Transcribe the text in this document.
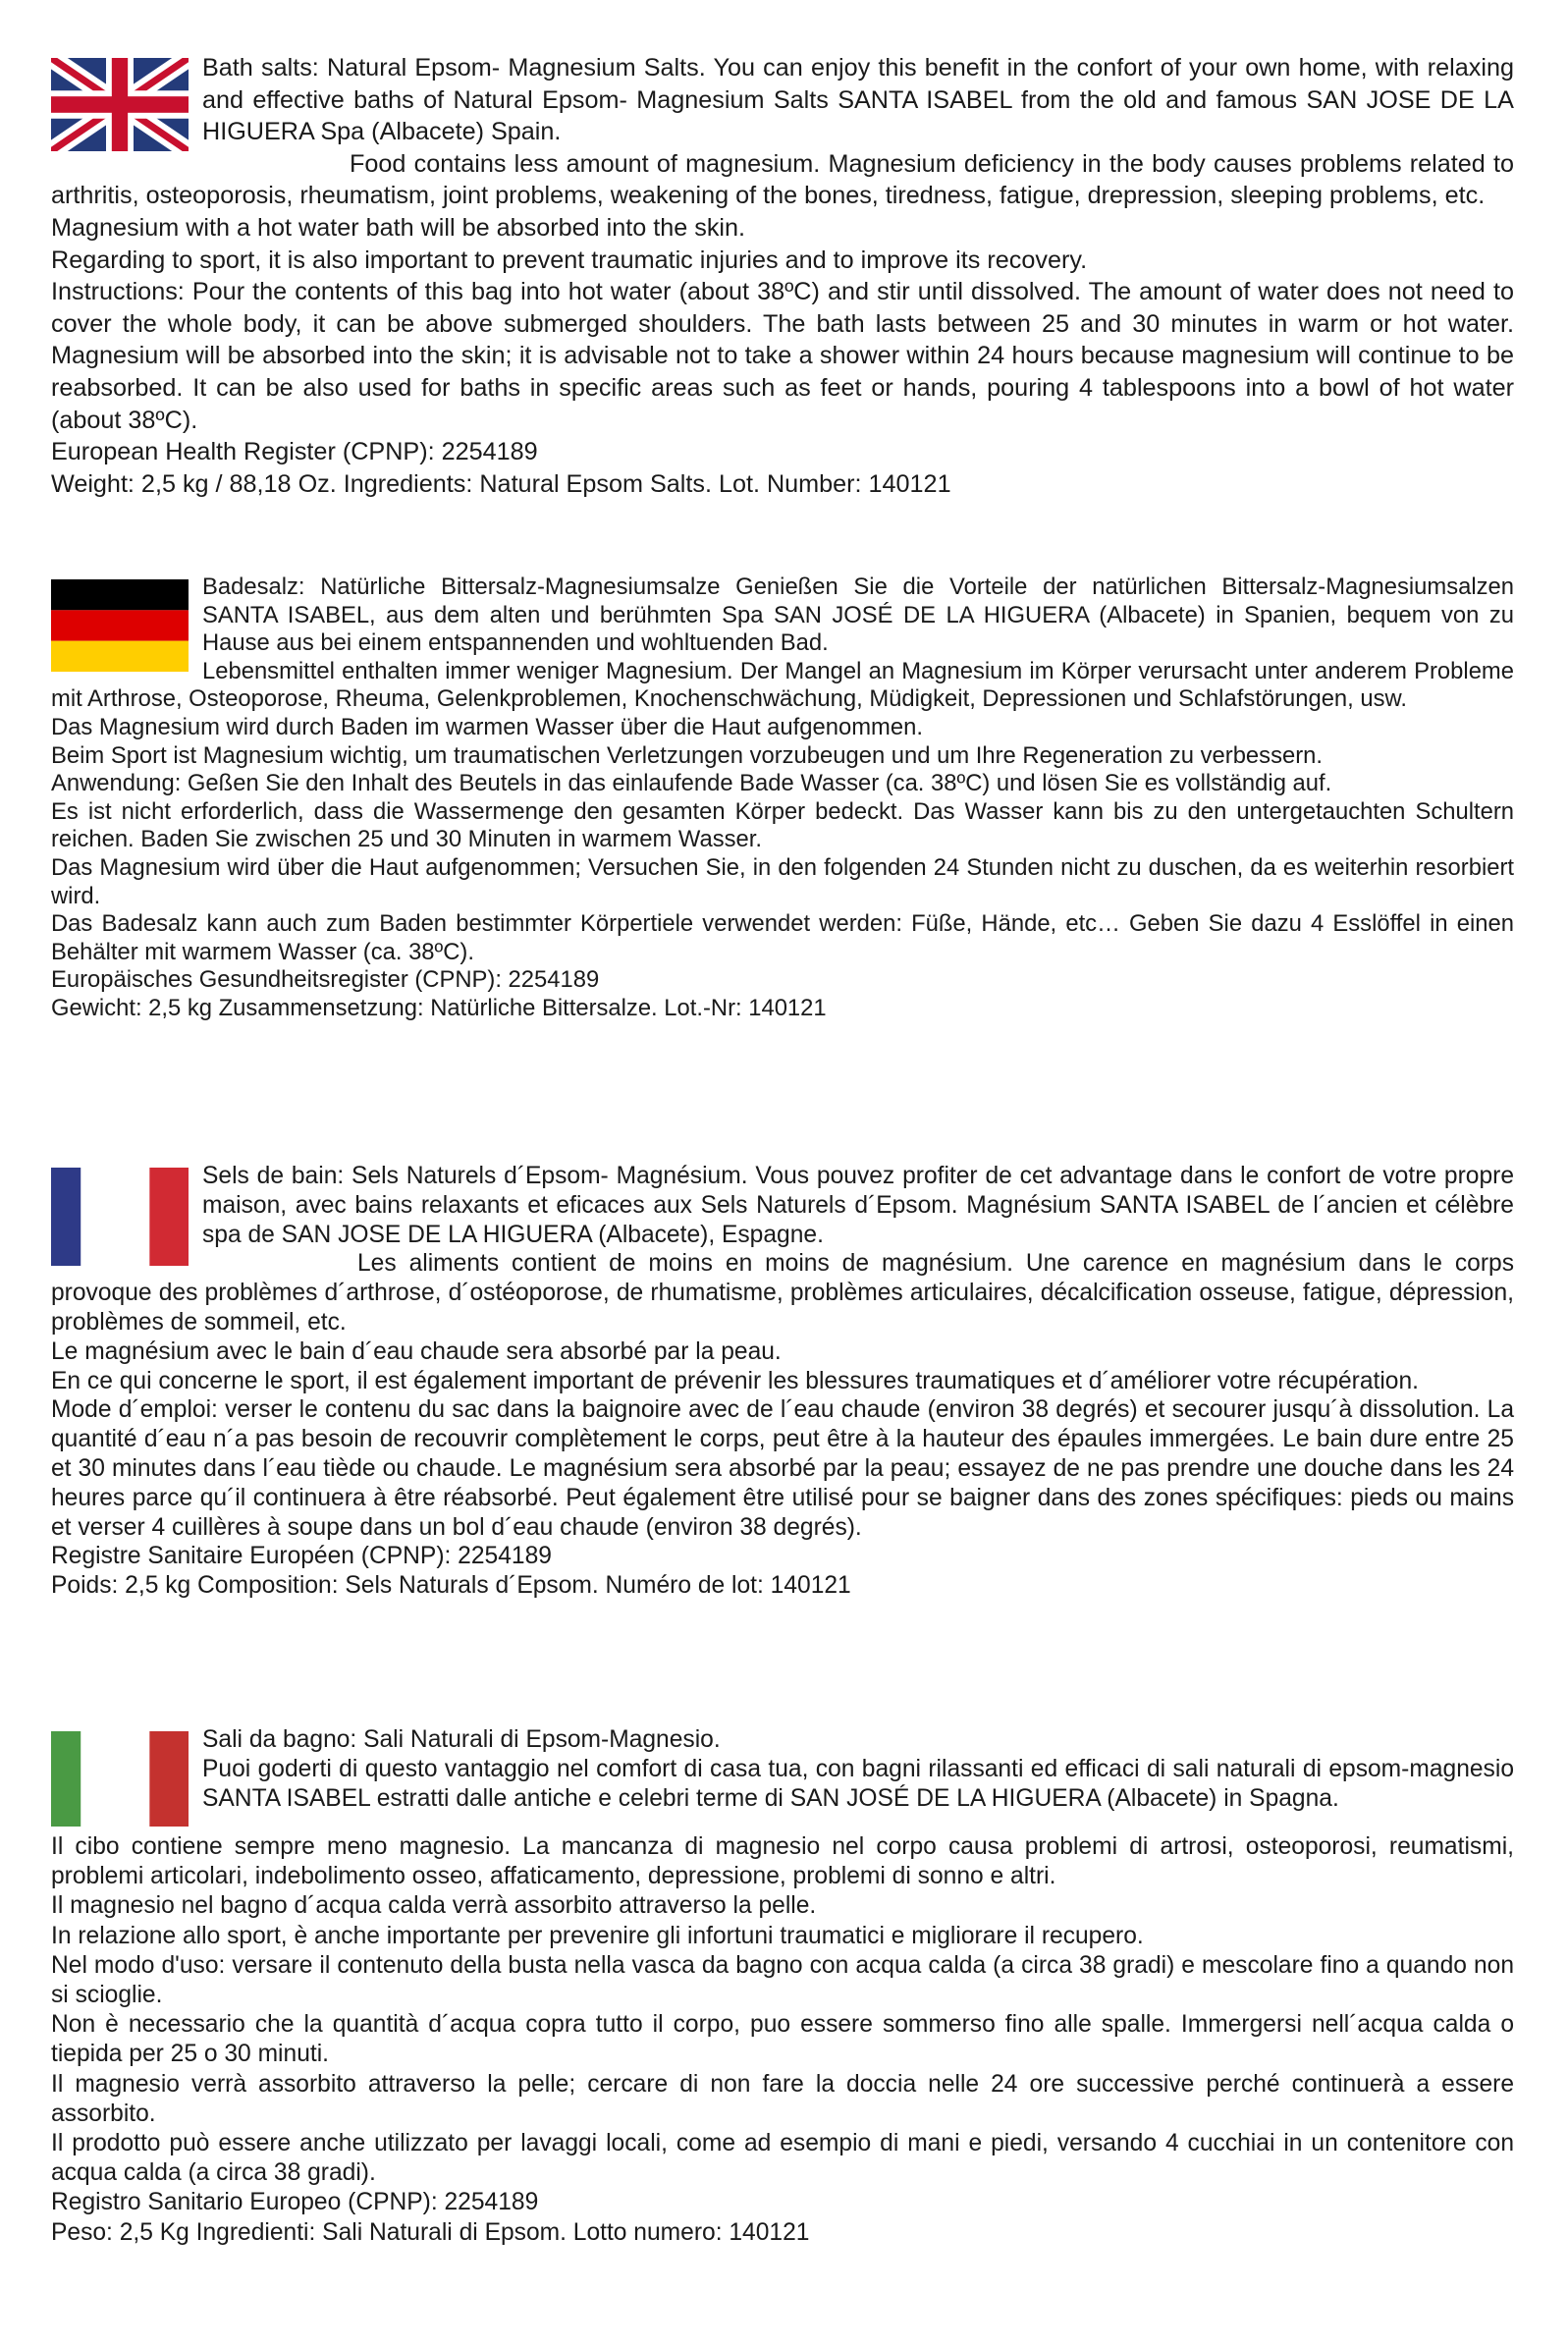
Bath salts: Natural Epsom- Magnesium Salts. You can enjoy this benefit in the confort of your own home, with relaxing and effective baths of Natural Epsom- Magnesium Salts SANTA ISABEL from the old and famous SAN JOSE DE LA HIGUERA Spa (Albacete) Spain.

Food contains less amount of magnesium. Magnesium deficiency in the body causes problems related to arthritis, osteoporosis, rheumatism, joint problems, weakening of the bones, tiredness, fatigue, drepression, sleeping problems, etc.

Magnesium with a hot water bath will be absorbed into the skin.

Regarding to sport, it is also important to prevent traumatic injuries and to improve its recovery.

Instructions: Pour the contents of this bag into hot water (about 38ºC) and stir until dissolved. The amount of water does not need to cover the whole body, it can be above submerged shoulders. The bath lasts between 25 and 30 minutes in warm or hot water. Magnesium will be absorbed into the skin; it is advisable not to take a shower within 24 hours because magnesium will continue to be reabsorbed. It can be also used for baths in specific areas such as feet or hands, pouring 4 tablespoons into a bowl of hot water (about 38ºC).

European Health Register (CPNP): 2254189

Weight: 2,5 kg / 88,18 Oz. Ingredients: Natural Epsom Salts. Lot. Number: 140121

Badesalz: Natürliche Bittersalz-Magnesiumsalze Genießen Sie die Vorteile der natürlichen Bittersalz-Magnesiumsalzen SANTA ISABEL, aus dem alten und berühmten Spa SAN JOSÉ DE LA HIGUERA (Albacete) in Spanien, bequem von zu Hause aus bei einem entspannenden und wohltuenden Bad.

Lebensmittel enthalten immer weniger Magnesium. Der Mangel an Magnesium im Körper verursacht unter anderem Probleme mit Arthrose, Osteoporose, Rheuma, Gelenkproblemen, Knochenschwächung, Müdigkeit, Depressionen und Schlafstörungen, usw.

Das Magnesium wird durch Baden im warmen Wasser über die Haut aufgenommen.

Beim Sport ist Magnesium wichtig, um traumatischen Verletzungen vorzubeugen und um Ihre Regeneration zu verbessern.

Anwendung: Geßen Sie den Inhalt des Beutels in das einlaufende Bade Wasser (ca. 38ºC) und lösen Sie es vollständig auf.

Es ist nicht erforderlich, dass die Wassermenge den gesamten Körper bedeckt. Das Wasser kann bis zu den untergetauchten Schultern reichen. Baden Sie zwischen 25 und 30 Minuten in warmem Wasser.

Das Magnesium wird über die Haut aufgenommen; Versuchen Sie, in den folgenden 24 Stunden nicht zu duschen, da es weiterhin resorbiert wird.

Das Badesalz kann auch zum Baden bestimmter Körpertiele verwendet werden: Füße, Hände, etc… Geben Sie dazu 4 Esslöffel in einen Behälter mit warmem Wasser (ca. 38ºC).

Europäisches Gesundheitsregister (CPNP): 2254189

Gewicht: 2,5 kg Zusammensetzung: Natürliche Bittersalze. Lot.-Nr: 140121

Sels de bain: Sels Naturels d´Epsom- Magnésium. Vous pouvez profiter de cet advantage dans le confort de votre propre maison, avec bains relaxants et eficaces aux Sels Naturels d´Epsom. Magnésium SANTA ISABEL de l´ancien et célèbre spa de SAN JOSE DE LA HIGUERA (Albacete), Espagne.

Les aliments contient de moins en moins de magnésium. Une carence en magnésium dans le corps provoque des problèmes d´arthrose, d´ostéoporose, de rhumatisme, problèmes articulaires, décalcification osseuse, fatigue, dépression, problèmes de sommeil, etc.

Le magnésium avec le bain d´eau chaude sera absorbé par la peau.

En ce qui concerne le sport, il est également important de prévenir les blessures traumatiques et d´améliorer votre récupération.

Mode d´emploi: verser le contenu du sac dans la baignoire avec de l´eau chaude (environ 38 degrés) et secourer jusqu´à dissolution. La quantité d´eau n´a pas besoin de recouvrir complètement le corps, peut être à la hauteur des épaules immergées. Le bain dure entre 25 et 30 minutes dans l´eau tiède ou chaude. Le magnésium sera absorbé par la peau; essayez de ne pas prendre une douche dans les 24 heures parce qu´il continuera à être réabsorbé. Peut également être utilisé pour se baigner dans des zones spécifiques: pieds ou mains et verser 4 cuillères à soupe dans un bol d´eau chaude (environ 38 degrés).

Registre Sanitaire Européen (CPNP): 2254189

Poids: 2,5 kg Composition: Sels Naturals d´Epsom. Numéro de lot: 140121

Sali da bagno: Sali Naturali di Epsom-Magnesio.

Puoi goderti di questo vantaggio nel comfort di casa tua, con bagni rilassanti ed efficaci di sali naturali di epsom-magnesio SANTA ISABEL estratti dalle antiche e celebri terme di SAN JOSÉ DE LA HIGUERA (Albacete) in Spagna.

Il cibo contiene sempre meno magnesio. La mancanza di magnesio nel corpo causa problemi di artrosi, osteoporosi, reumatismi, problemi articolari, indebolimento osseo, affaticamento, depressione, problemi di sonno e altri.

Il magnesio nel bagno d´acqua calda verrà assorbito attraverso la pelle.

In relazione allo sport, è anche importante per prevenire gli infortuni traumatici e migliorare il recupero.

Nel modo d'uso: versare il contenuto della busta nella vasca da bagno con acqua calda (a circa 38 gradi) e mescolare fino a quando non si scioglie.

Non è necessario che la quantità d´acqua copra tutto il corpo, puo essere sommerso fino alle spalle. Immergersi nell´acqua calda o tiepida per 25 o 30 minuti.

Il magnesio verrà assorbito attraverso la pelle; cercare di non fare la doccia nelle 24 ore successive perché continuerà a essere assorbito.

Il prodotto può essere anche utilizzato per lavaggi locali, come ad esempio di mani e piedi, versando 4 cucchiai in un contenitore con acqua calda (a circa 38 gradi).

Registro Sanitario Europeo (CPNP): 2254189

Peso: 2,5 Kg Ingredienti: Sali Naturali di Epsom. Lotto numero: 140121
